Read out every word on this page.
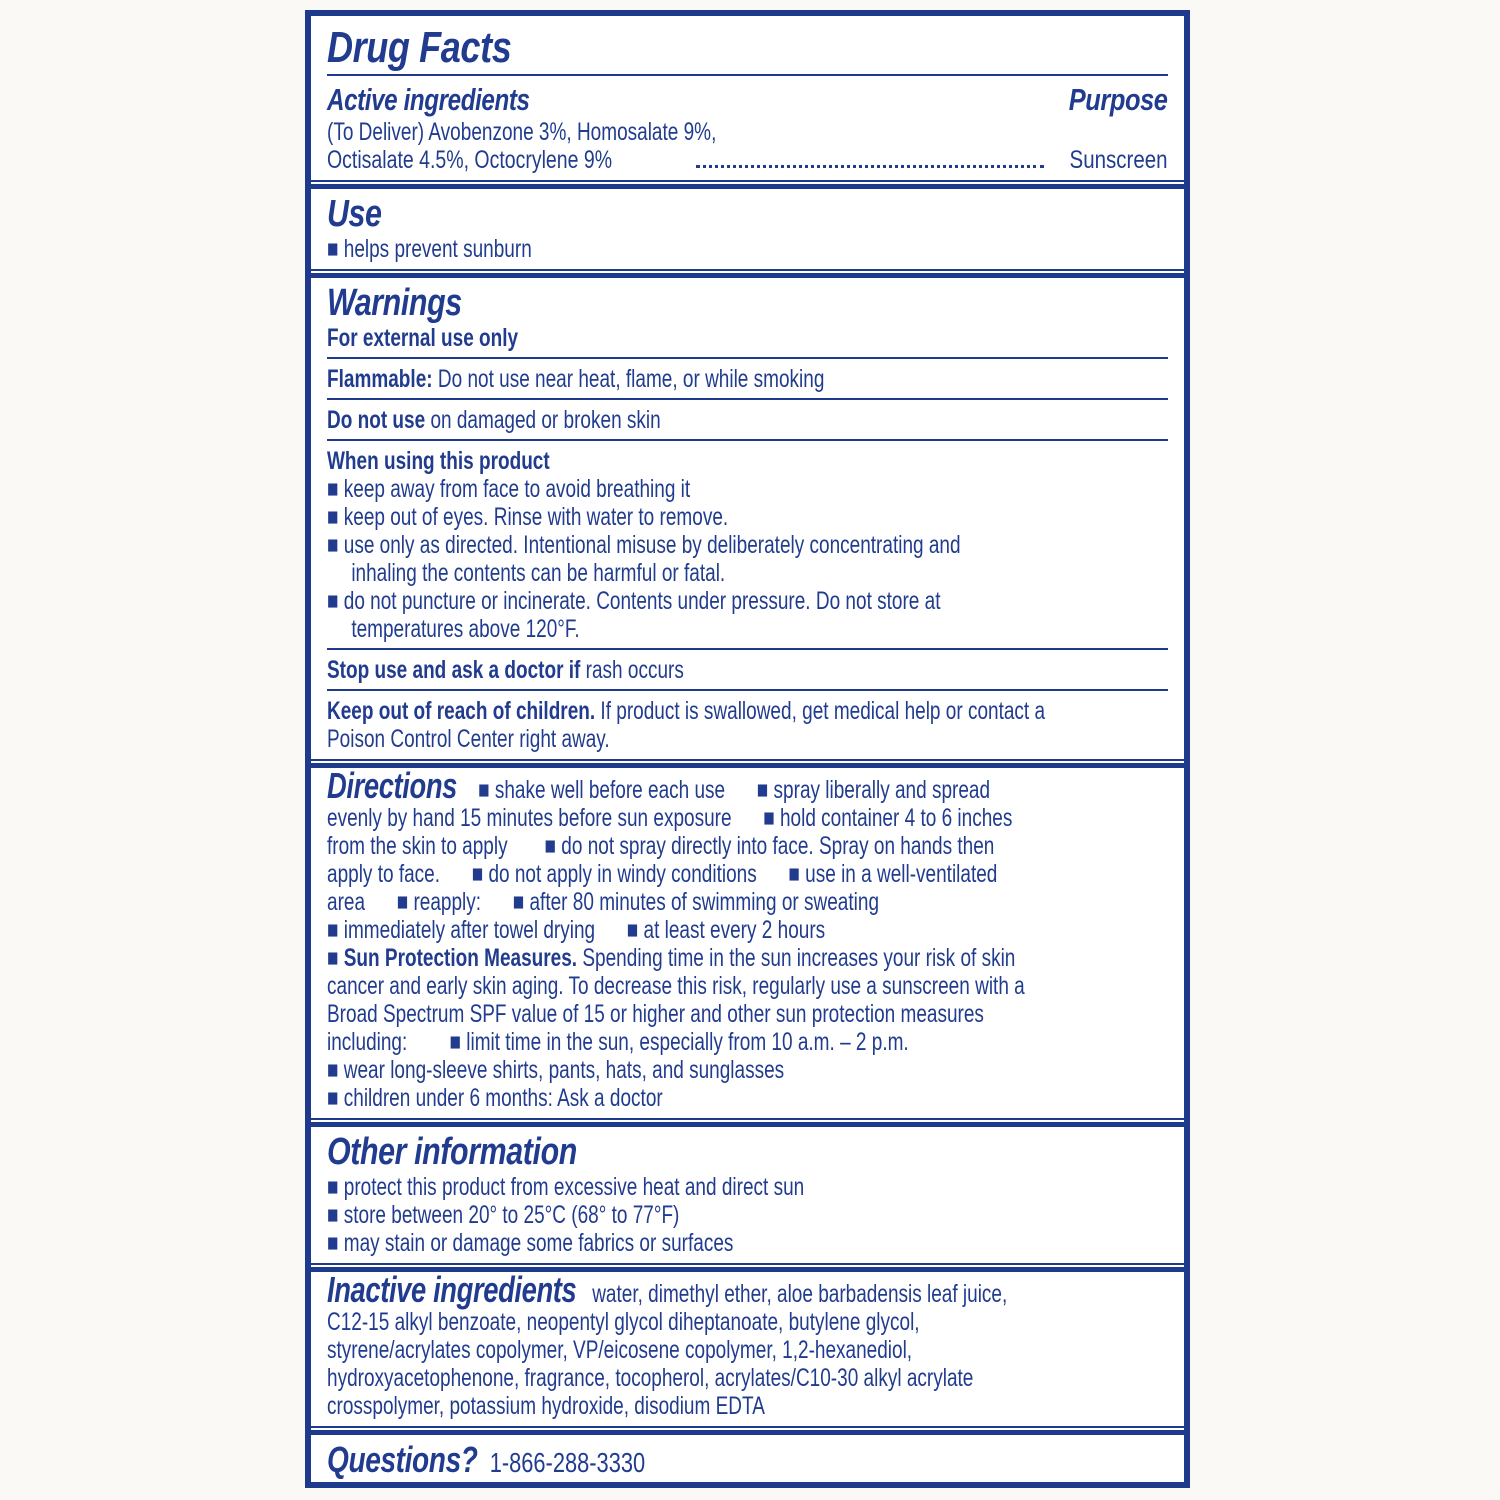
Drug Facts
Active ingredients	Purpose
(To Deliver) Avobenzone 3%, Homosalate 9%,
Octisalate 4.5%, Octocrylene 9%	Sunscreen
Use
■ helps prevent sunburn
Warnings
For external use only
Flammable: Do not use near heat, flame, or while smoking
Do not use on damaged or broken skin
When using this product
■ keep away from face to avoid breathing it
■ keep out of eyes. Rinse with water to remove.
■ use only as directed. Intentional misuse by deliberately concentrating and
inhaling the contents can be harmful or fatal.
■ do not puncture or incinerate. Contents under pressure. Do not store at
temperatures above 120°F.
Stop use and ask a doctor if rash occurs
Keep out of reach of children. If product is swallowed, get medical help or contact a
Poison Control Center right away.
Directions    ■ shake well before each use      ■ spray liberally and spread
evenly by hand 15 minutes before sun exposure      ■ hold container 4 to 6 inches
from the skin to apply       ■ do not spray directly into face. Spray on hands then
apply to face.      ■ do not apply in windy conditions      ■ use in a well-ventilated
area      ■ reapply:      ■ after 80 minutes of swimming or sweating
■ immediately after towel drying      ■ at least every 2 hours
■ Sun Protection Measures. Spending time in the sun increases your risk of skin
cancer and early skin aging. To decrease this risk, regularly use a sunscreen with a
Broad Spectrum SPF value of 15 or higher and other sun protection measures
including:        ■ limit time in the sun, especially from 10 a.m. – 2 p.m.
■ wear long-sleeve shirts, pants, hats, and sunglasses
■ children under 6 months: Ask a doctor
Other information
■ protect this product from excessive heat and direct sun
■ store between 20° to 25°C (68° to 77°F)
■ may stain or damage some fabrics or surfaces
Inactive ingredients   water, dimethyl ether, aloe barbadensis leaf juice,
C12-15 alkyl benzoate, neopentyl glycol diheptanoate, butylene glycol,
styrene/acrylates copolymer, VP/eicosene copolymer, 1,2-hexanediol,
hydroxyacetophenone, fragrance, tocopherol, acrylates/C10-30 alkyl acrylate
crosspolymer, potassium hydroxide, disodium EDTA
Questions? 1-866-288-3330
